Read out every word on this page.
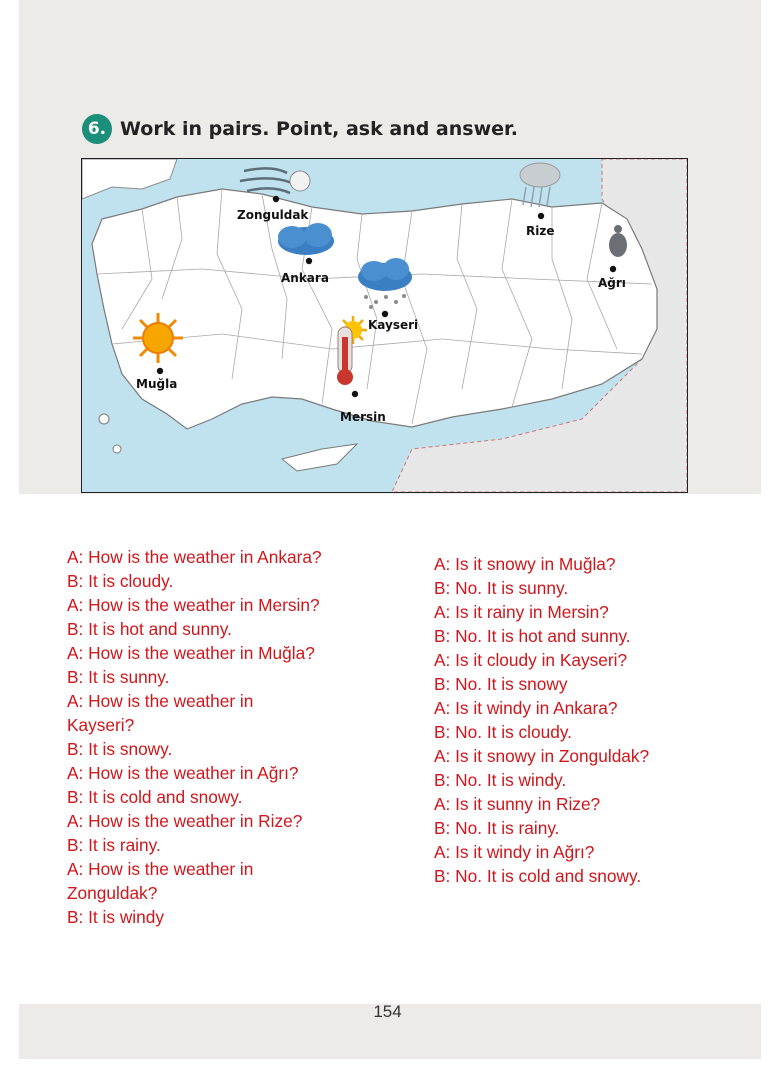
6. Work in pairs. Point, ask and answer.
Zonguldak
Rize
Ankara	Ağrı
Kayseri
Muğla
Mersin
A: How is the weather in Ankara?
B: It is cloudy.
A: How is the weather in Mersin?
B: It is hot and sunny.
A: How is the weather in Muğla?
B: It is sunny.
A: How is the weather in
Kayseri?
B: It is snowy.
A: How is the weather in Ağrı?
B: It is cold and snowy.
A: How is the weather in Rize?
B: It is rainy.
A: How is the weather in
Zonguldak?
B: It is windy
A: Is it snowy in Muğla?
B: No. It is sunny.
A: Is it rainy in Mersin?
B: No. It is hot and sunny.
A: Is it cloudy in Kayseri?
B: No. It is snowy
A: Is it windy in Ankara?
B: No. It is cloudy.
A: Is it snowy in Zonguldak?
B: No. It is windy.
A: Is it sunny in Rize?
B: No. It is rainy.
A: Is it windy in Ağrı?
B: No. It is cold and snowy.
154
